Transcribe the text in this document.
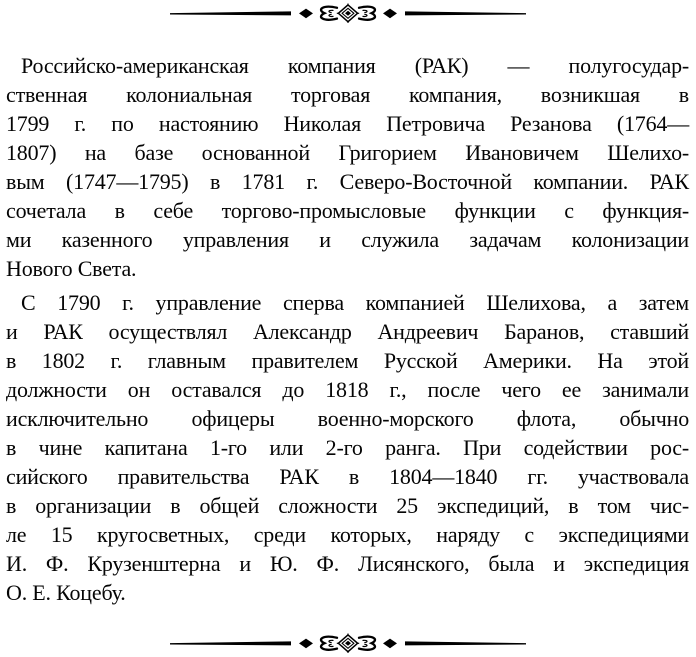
Российско-американская компания (РАК) — полугосудар-
ственная колониальная торговая компания, возникшая в
1799 г. по настоянию Николая Петровича Резанова (1764—
1807) на базе основанной Григорием Ивановичем Шелихо-
вым (1747—1795) в 1781 г. Северо-Восточной компании. РАК
сочетала в себе торгово-промысловые функции с функция-
ми казенного управления и служила задачам колонизации
Нового Света.

С 1790 г. управление сперва компанией Шелихова, а затем
и РАК осуществлял Александр Андреевич Баранов, ставший
в 1802 г. главным правителем Русской Америки. На этой
должности он оставался до 1818 г., после чего ее занимали
исключительно офицеры военно-морского флота, обычно
в чине капитана 1-го или 2-го ранга. При содействии рос-
сийского правительства РАК в 1804—1840 гг. участвовала
в организации в общей сложности 25 экспедиций, в том чис-
ле 15 кругосветных, среди которых, наряду с экспедициями
И. Ф. Крузенштерна и Ю. Ф. Лисянского, была и экспедиция
О. Е. Коцебу.
